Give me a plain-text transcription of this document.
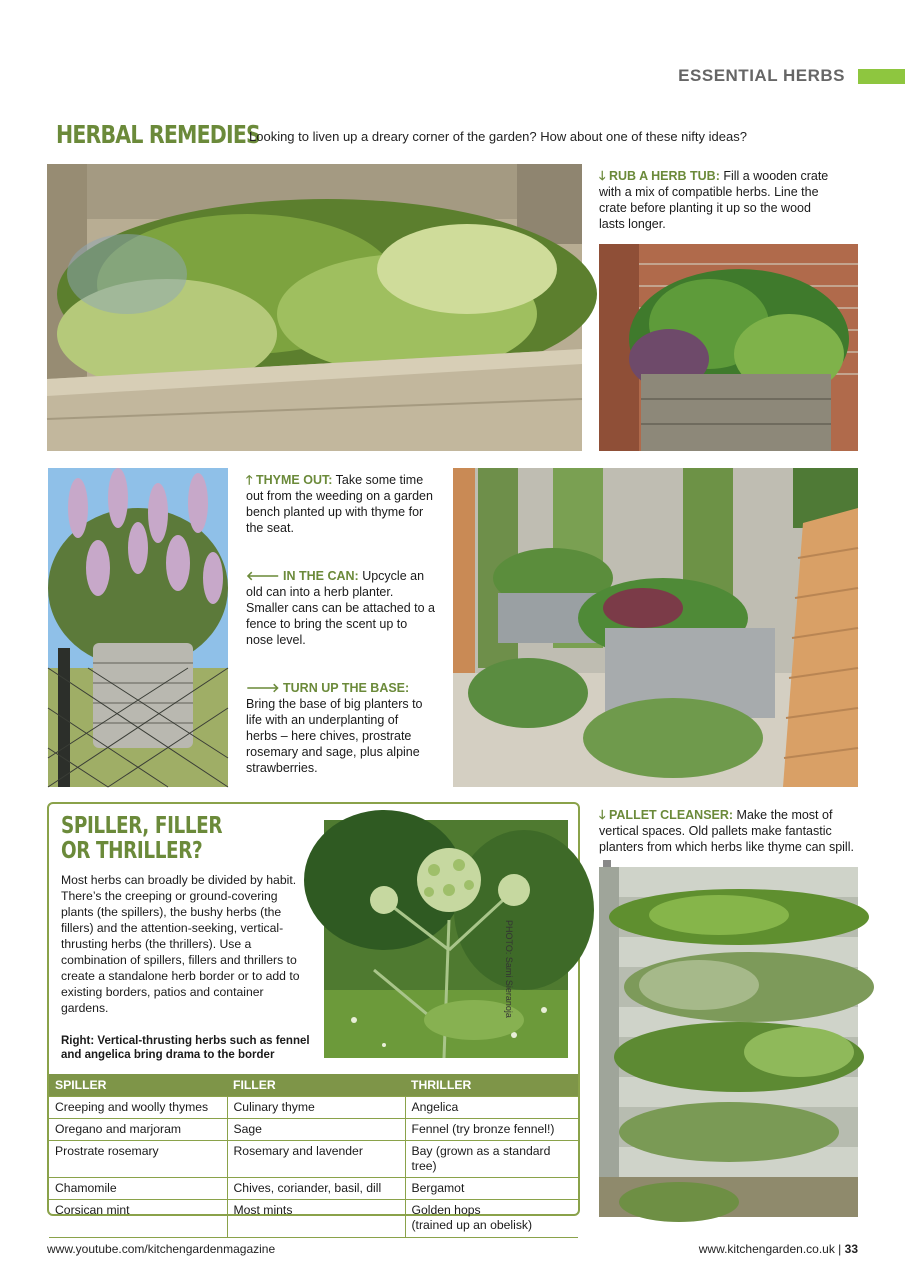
ESSENTIAL HERBS
HERBAL REMEDIES
Looking to liven up a dreary corner of the garden? How about one of these nifty ideas?
🡓 RUB A HERB TUB: Fill a wooden crate with a mix of compatible herbs. Line the crate before planting it up so the wood lasts longer.
🡑 THYME OUT: Take some time out from the weeding on a garden bench planted up with thyme for the seat.
🡐 IN THE CAN: Upcycle an old can into a herb planter. Smaller cans can be attached to a fence to bring the scent up to nose level.
🡒 TURN UP THE BASE: Bring the base of big planters to life with an underplanting of herbs – here chives, prostrate rosemary and sage, plus alpine strawberries.
SPILLER, FILLER
OR THRILLER?
Most herbs can broadly be divided by habit. There’s the creeping or ground-covering plants (the spillers), the bushy herbs (the fillers) and the attention-seeking, vertical-thrusting herbs (the thrillers). Use a combination of spillers, fillers and thrillers to create a standalone herb border or to add to existing borders, patios and container gardens.
Right: Vertical-thrusting herbs such as fennel and angelica bring drama to the border
SPILLER	FILLER	THRILLER
Creeping and woolly thymes	Culinary thyme	Angelica
Oregano and marjoram	Sage	Fennel (try bronze fennel!)
Prostrate rosemary	Rosemary and lavender	Bay (grown as a standard tree)
Chamomile	Chives, coriander, basil, dill	Bergamot
Corsican mint	Most mints	Golden hops
(trained up an obelisk)
PHOTO: Sami Sieranoja
🡓 PALLET CLEANSER: Make the most of vertical spaces. Old pallets make fantastic planters from which herbs like thyme can spill.
www.youtube.com/kitchengardenmagazine	www.kitchengarden.co.uk | 33
